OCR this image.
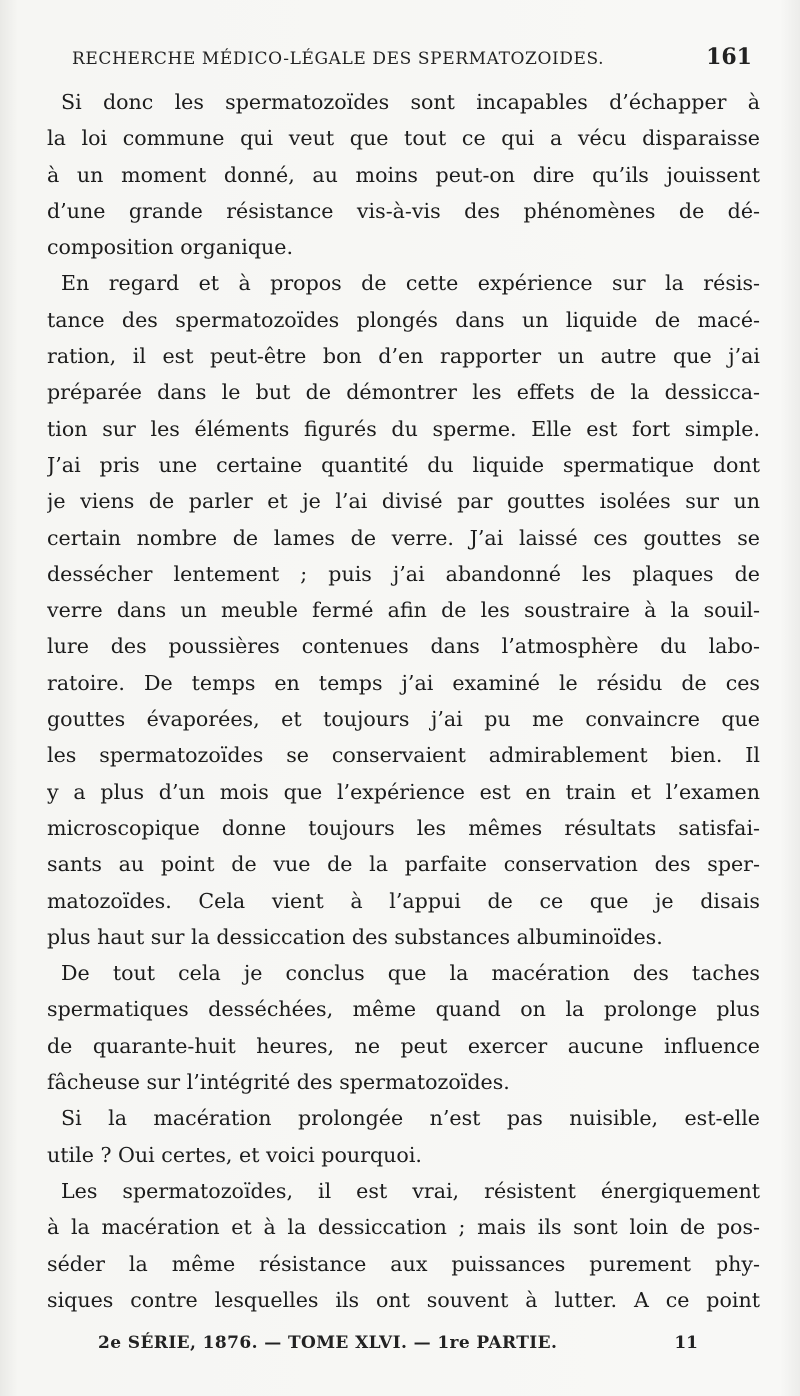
RECHERCHE MÉDICO-LÉGALE DES SPERMATOZOIDES.	161
Si donc les spermatozoïdes sont incapables d’échapper à
la loi commune qui veut que tout ce qui a vécu disparaisse
à un moment donné, au moins peut-on dire qu’ils jouissent
d’une grande résistance vis-à-vis des phénomènes de dé-
composition organique.
En regard et à propos de cette expérience sur la résis-
tance des spermatozoïdes plongés dans un liquide de macé-
ration, il est peut-être bon d’en rapporter un autre que j’ai
préparée dans le but de démontrer les effets de la dessicca-
tion sur les éléments figurés du sperme. Elle est fort simple.
J’ai pris une certaine quantité du liquide spermatique dont
je viens de parler et je l’ai divisé par gouttes isolées sur un
certain nombre de lames de verre. J’ai laissé ces gouttes se
dessécher lentement ; puis j’ai abandonné les plaques de
verre dans un meuble fermé afin de les soustraire à la souil-
lure des poussières contenues dans l’atmosphère du labo-
ratoire. De temps en temps j’ai examiné le résidu de ces
gouttes évaporées, et toujours j’ai pu me convaincre que
les spermatozoïdes se conservaient admirablement bien. Il
y a plus d’un mois que l’expérience est en train et l’examen
microscopique donne toujours les mêmes résultats satisfai-
sants au point de vue de la parfaite conservation des sper-
matozoïdes. Cela vient à l’appui de ce que je disais
plus haut sur la dessiccation des substances albuminoïdes.
De tout cela je conclus que la macération des taches
spermatiques desséchées, même quand on la prolonge plus
de quarante-huit heures, ne peut exercer aucune influence
fâcheuse sur l’intégrité des spermatozoïdes.
Si la macération prolongée n’est pas nuisible, est-elle
utile ? Oui certes, et voici pourquoi.
Les spermatozoïdes, il est vrai, résistent énergiquement
à la macération et à la dessiccation ; mais ils sont loin de pos-
séder la même résistance aux puissances purement phy-
siques contre lesquelles ils ont souvent à lutter. A ce point
2e SÉRIE, 1876. — TOME XLVI. — 1re PARTIE.	11
